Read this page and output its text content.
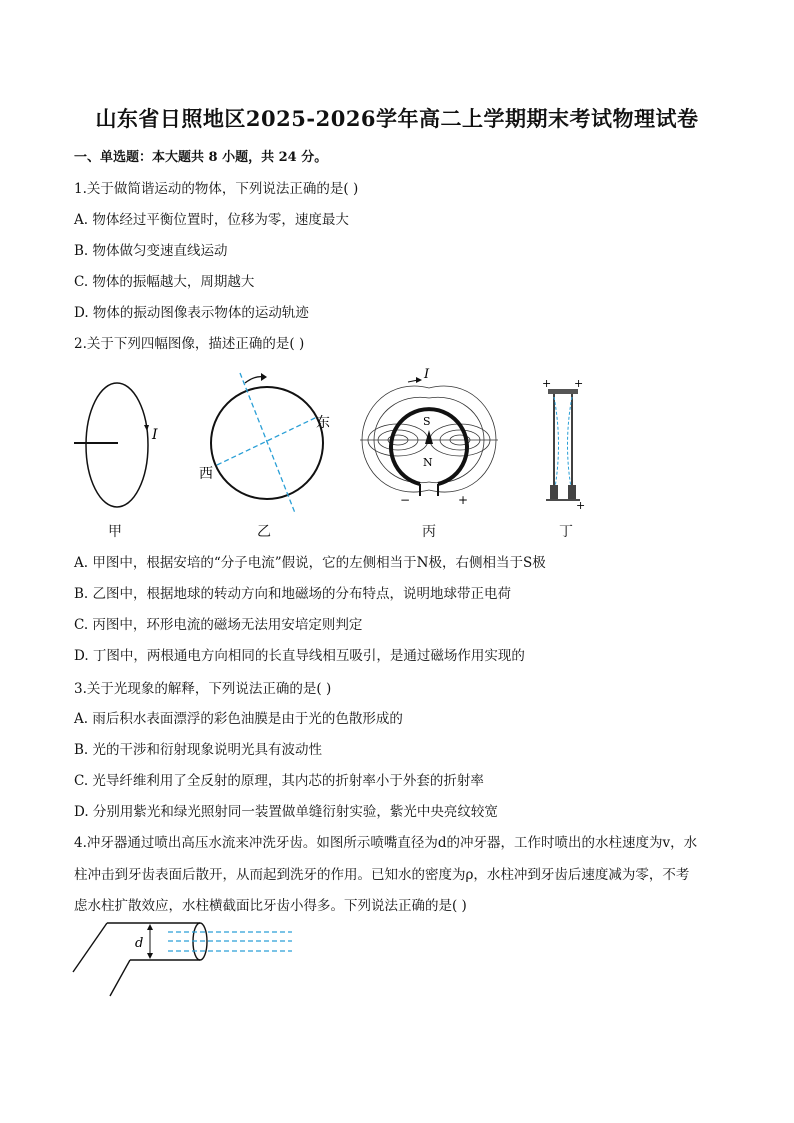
山东省日照地区2025-2026学年高二上学期期末考试物理试卷
一、单选题：本大题共 8 小题，共 24 分。
1.关于做简谐运动的物体，下列说法正确的是( )
A. 物体经过平衡位置时，位移为零，速度最大
B. 物体做匀变速直线运动
C. 物体的振幅越大，周期越大
D. 物体的振动图像表示物体的运动轨迹
2.关于下列四幅图像，描述正确的是( )
I
甲
东
西
乙
S
N
I
−	+
丙
+ +
+
丁
A. 甲图中，根据安培的“分子电流”假说，它的左侧相当于N极，右侧相当于S极
B. 乙图中，根据地球的转动方向和地磁场的分布特点，说明地球带正电荷
C. 丙图中，环形电流的磁场无法用安培定则判定
D. 丁图中，两根通电方向相同的长直导线相互吸引，是通过磁场作用实现的
3.关于光现象的解释，下列说法正确的是( )
A. 雨后积水表面漂浮的彩色油膜是由于光的色散形成的
B. 光的干涉和衍射现象说明光具有波动性
C. 光导纤维利用了全反射的原理，其内芯的折射率小于外套的折射率
D. 分别用紫光和绿光照射同一装置做单缝衍射实验，紫光中央亮纹较宽
4.冲牙器通过喷出高压水流来冲洗牙齿。如图所示喷嘴直径为d的冲牙器，工作时喷出的水柱速度为v，水
柱冲击到牙齿表面后散开，从而起到洗牙的作用。已知水的密度为ρ，水柱冲到牙齿后速度减为零，不考
虑水柱扩散效应，水柱横截面比牙齿小得多。下列说法正确的是( )
d
